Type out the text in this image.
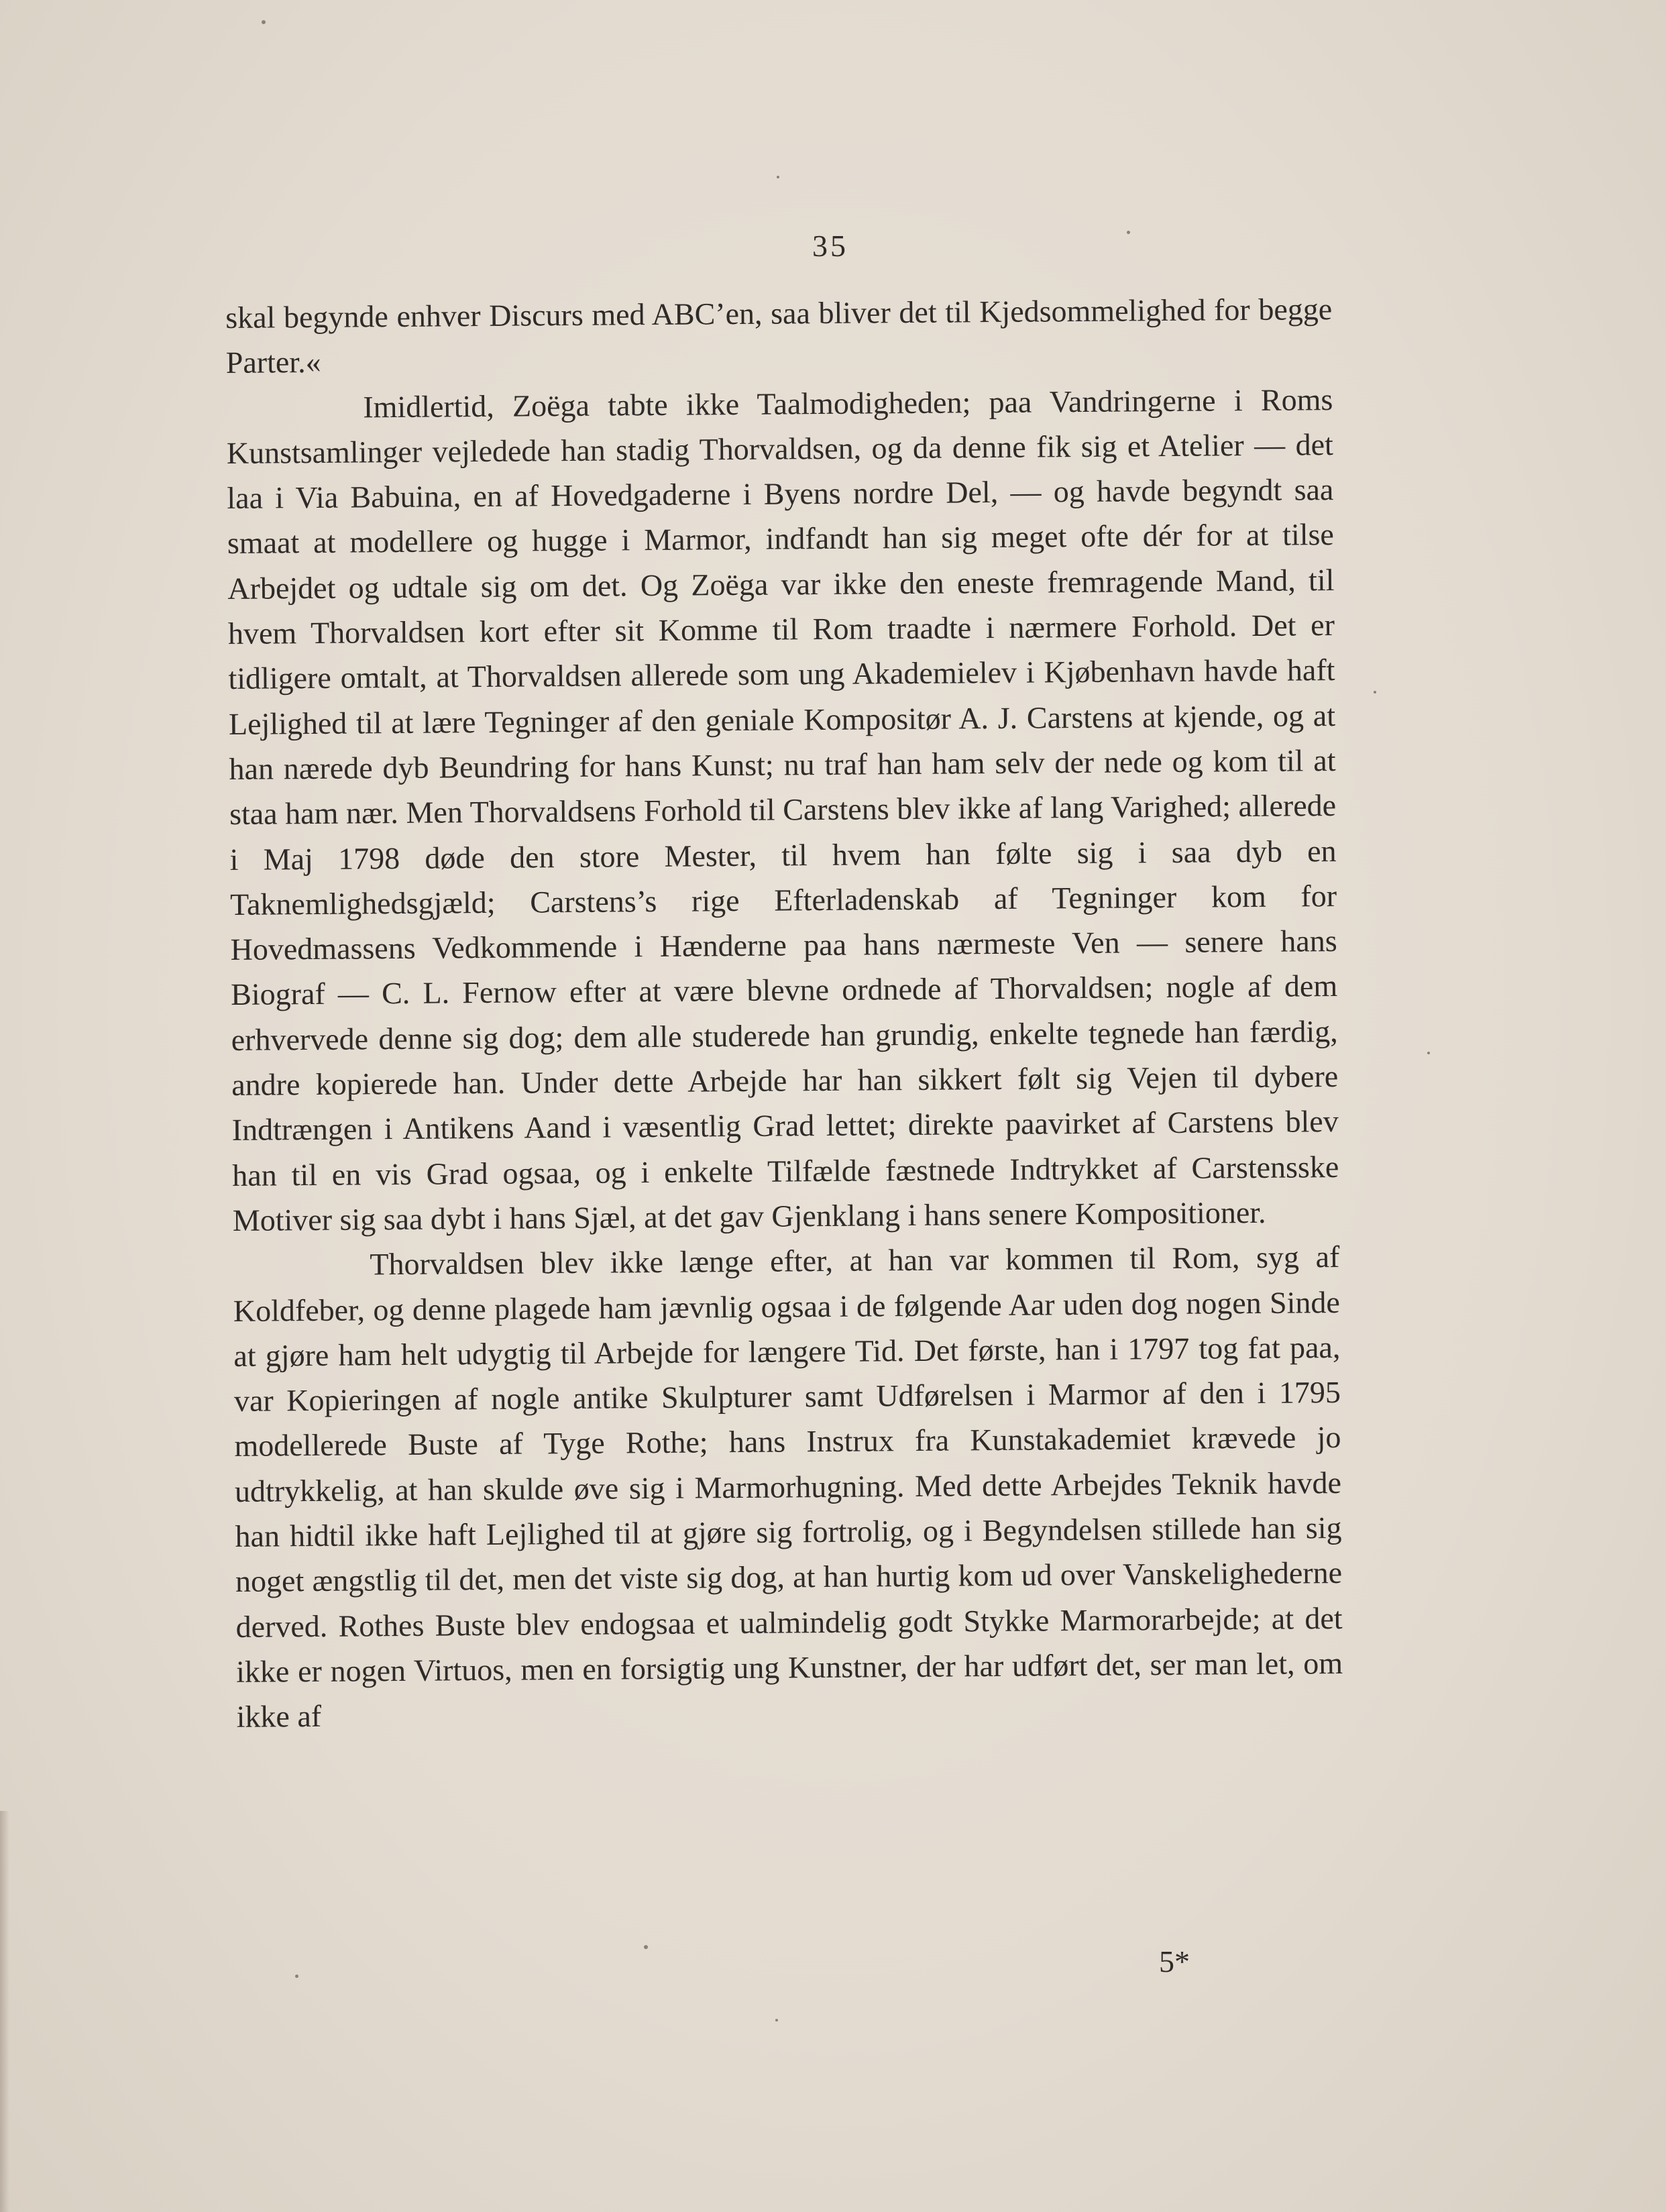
35

skal begynde enhver Discurs med ABC’en, saa bliver det til Kjedsommelighed for begge Parter.«

Imidlertid, Zoëga tabte ikke Taalmodigheden; paa Vandringerne i Roms Kunstsamlinger vejledede han stadig Thorvaldsen, og da denne fik sig et Atelier — det laa i Via Babuina, en af Hovedgaderne i Byens nordre Del, — og havde begyndt saa smaat at modellere og hugge i Marmor, indfandt han sig meget ofte dér for at tilse Arbejdet og udtale sig om det. Og Zoëga var ikke den eneste fremragende Mand, til hvem Thorvaldsen kort efter sit Komme til Rom traadte i nærmere Forhold. Det er tidligere omtalt, at Thorvaldsen allerede som ung Akademielev i Kjøbenhavn havde haft Lejlighed til at lære Tegninger af den geniale Kompositør A. J. Carstens at kjende, og at han nærede dyb Beundring for hans Kunst; nu traf han ham selv der nede og kom til at staa ham nær. Men Thorvaldsens Forhold til Carstens blev ikke af lang Varighed; allerede i Maj 1798 døde den store Mester, til hvem han følte sig i saa dyb en Taknemlighedsgjæld; Carstens’s rige Efterladenskab af Tegninger kom for Hovedmassens Vedkommende i Hænderne paa hans nærmeste Ven — senere hans Biograf — C. L. Fernow efter at være blevne ordnede af Thorvaldsen; nogle af dem erhvervede denne sig dog; dem alle studerede han grundig, enkelte tegnede han færdig, andre kopierede han. Under dette Arbejde har han sikkert følt sig Vejen til dybere Indtrængen i Antikens Aand i væsentlig Grad lettet; direkte paavirket af Carstens blev han til en vis Grad ogsaa, og i enkelte Tilfælde fæstnede Indtrykket af Carstensske Motiver sig saa dybt i hans Sjæl, at det gav Gjenklang i hans senere Kompositioner.

Thorvaldsen blev ikke længe efter, at han var kommen til Rom, syg af Koldfeber, og denne plagede ham jævnlig ogsaa i de følgende Aar uden dog nogen Sinde at gjøre ham helt udygtig til Arbejde for længere Tid. Det første, han i 1797 tog fat paa, var Kopieringen af nogle antike Skulpturer samt Udførelsen i Marmor af den i 1795 modellerede Buste af Tyge Rothe; hans Instrux fra Kunstakademiet krævede jo udtrykkelig, at han skulde øve sig i Marmorhugning. Med dette Arbejdes Teknik havde han hidtil ikke haft Lejlighed til at gjøre sig fortrolig, og i Begyndelsen stillede han sig noget ængstlig til det, men det viste sig dog, at han hurtig kom ud over Vanskelighederne derved. Rothes Buste blev endogsaa et ualmindelig godt Stykke Marmorarbejde; at det ikke er nogen Virtuos, men en forsigtig ung Kunstner, der har udført det, ser man let, om ikke af

5*
